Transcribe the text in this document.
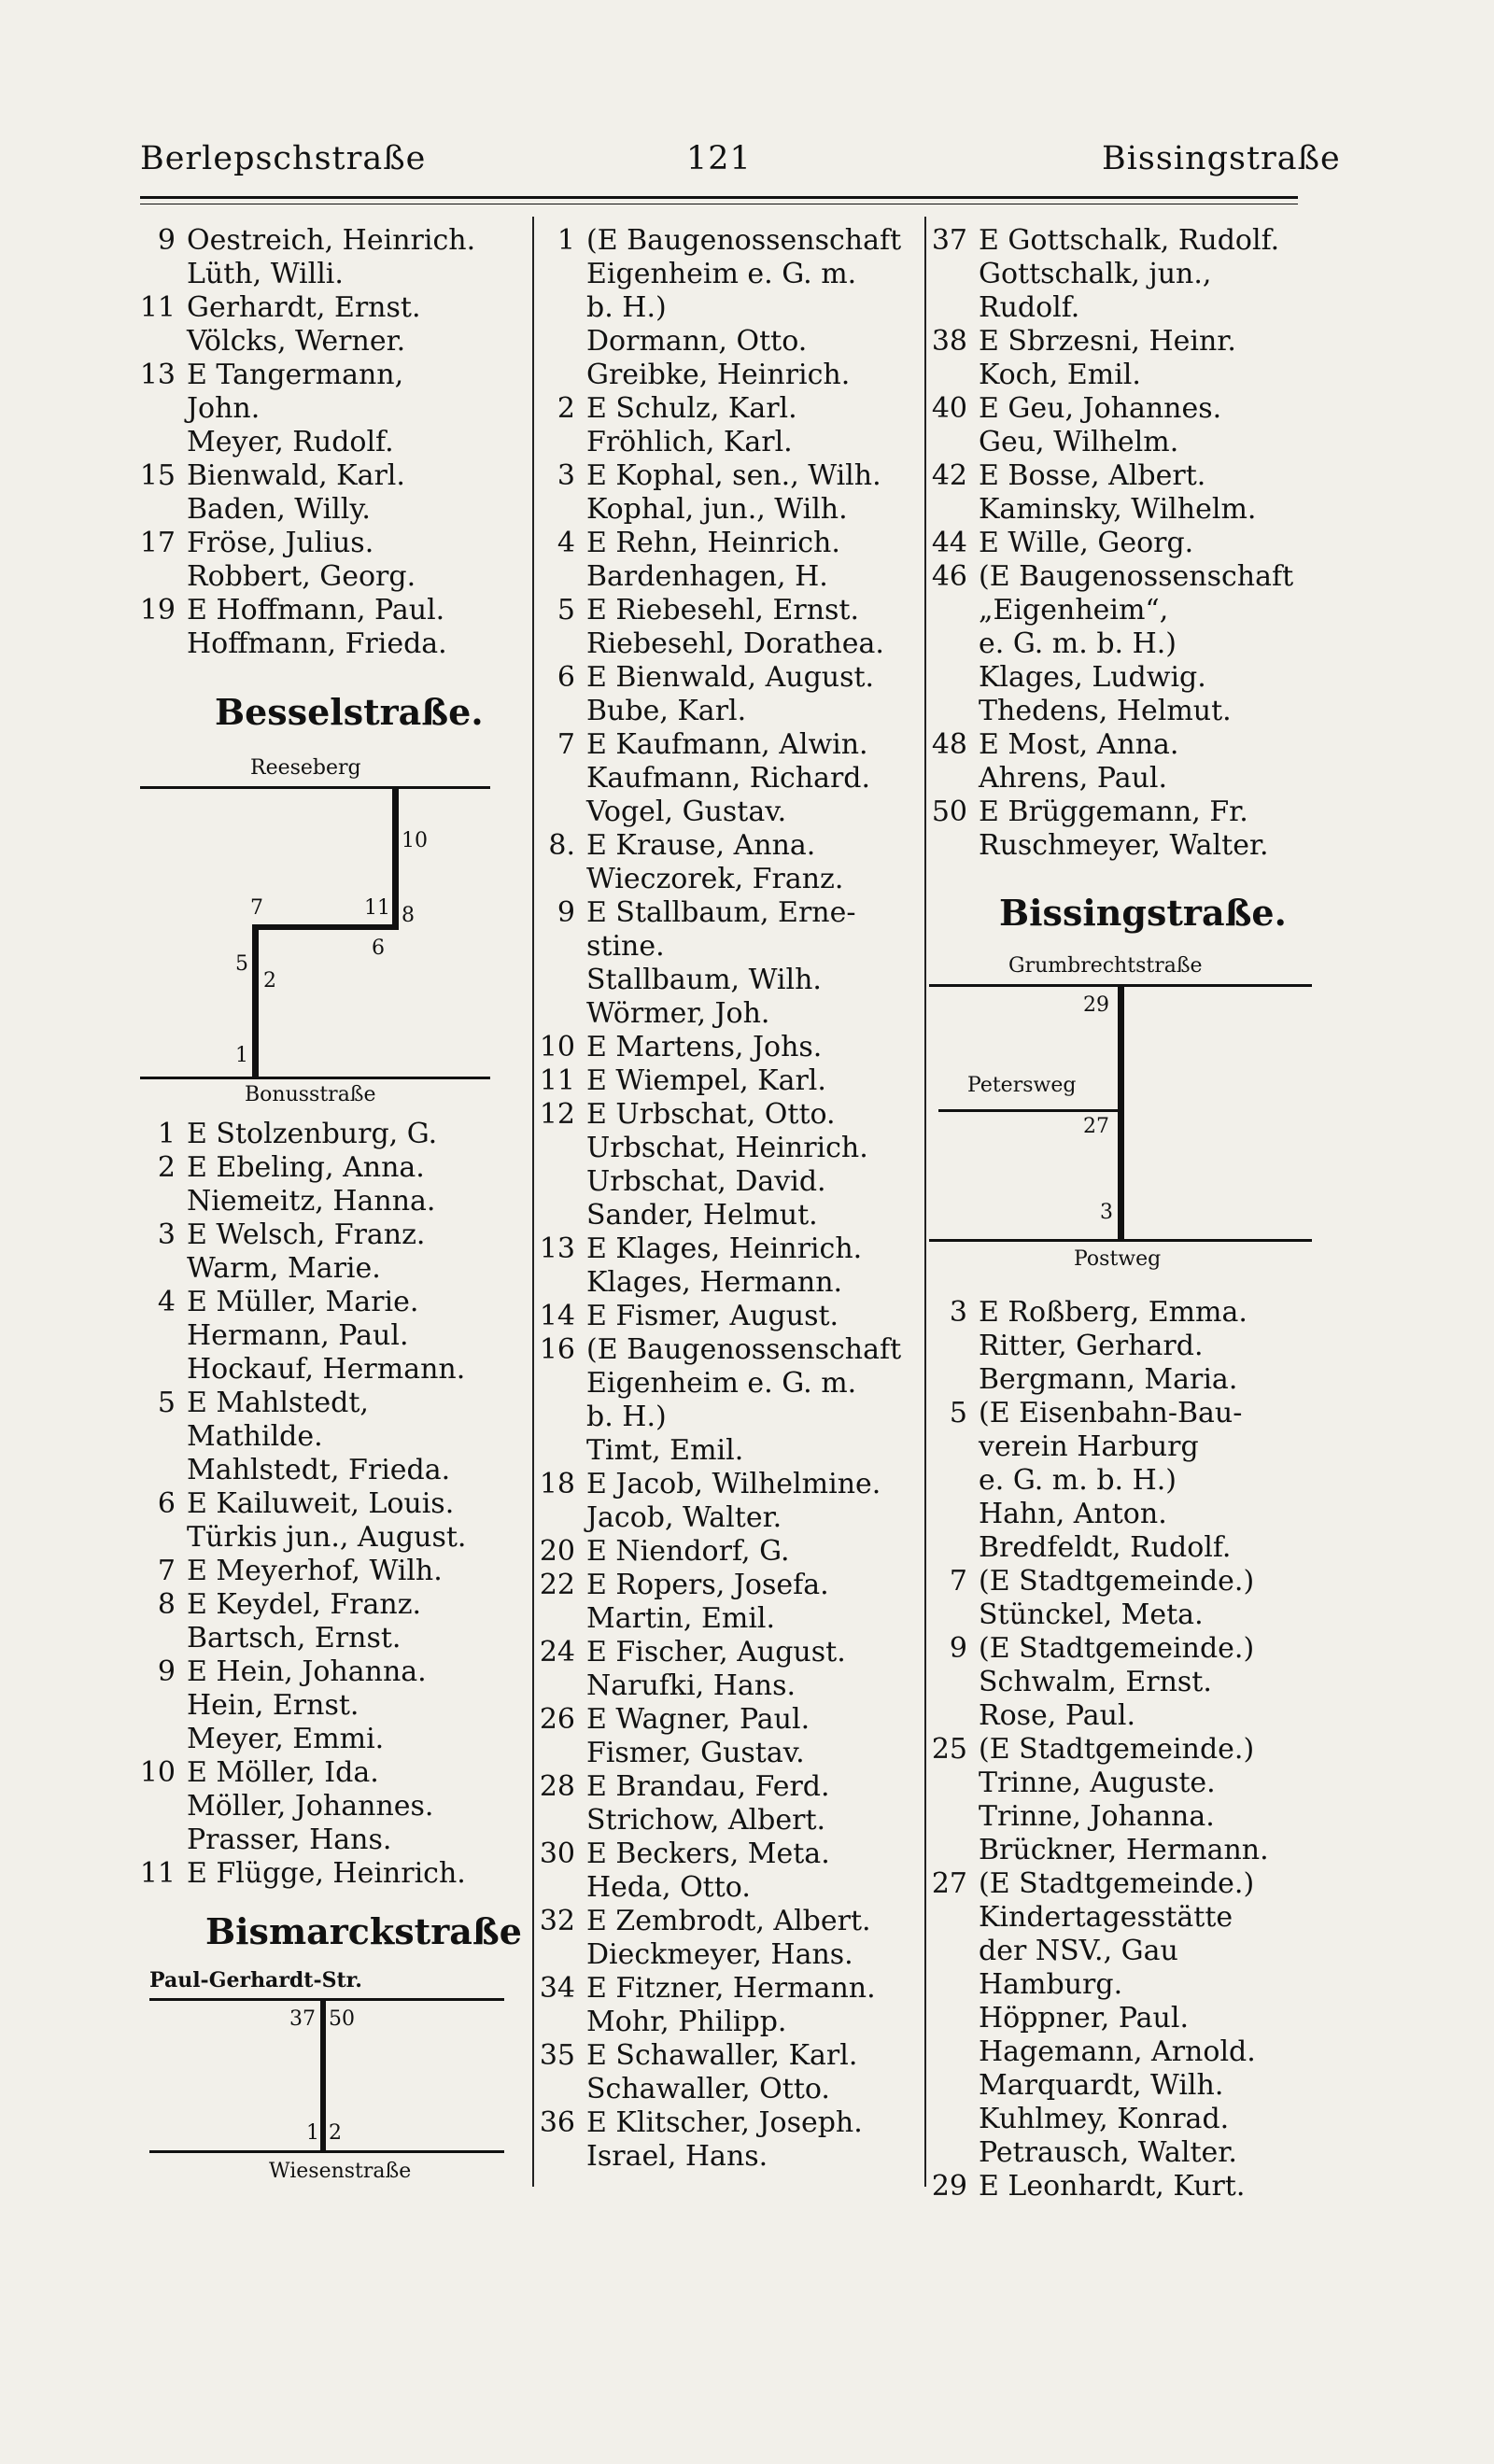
Berlepschstraße	121	Bissingstraße
9 Oestreich, Heinrich.
Lüth, Willi.
11 Gerhardt, Ernst.
Völcks, Werner.
13 E Tangermann,
John.
Meyer, Rudolf.
15 Bienwald, Karl.
Baden, Willy.
17 Fröse, Julius.
Robbert, Georg.
19 E Hoffmann, Paul.
Hoffmann, Frieda.
Besselstraße.
Reeseberg
10
7	11 8
5
6
2
1
Bonusstraße
1 E Stolzenburg, G.
2 E Ebeling, Anna.
Niemeitz, Hanna.
3 E Welsch, Franz.
Warm, Marie.
4 E Müller, Marie.
Hermann, Paul.
Hockauf, Hermann.
5 E Mahlstedt,
Mathilde.
Mahlstedt, Frieda.
6 E Kailuweit, Louis.
Türkis jun., August.
7 E Meyerhof, Wilh.
8 E Keydel, Franz.
Bartsch, Ernst.
9 E Hein, Johanna.
Hein, Ernst.
Meyer, Emmi.
10 E Möller, Ida.
Möller, Johannes.
Prasser, Hans.
11 E Flügge, Heinrich.
Bismarckstraße
Paul-Gerhardt-Str.
37 50
1 2
Wiesenstraße
1 (E Baugenossenschaft
Eigenheim e. G. m.
b. H.)
Dormann, Otto.
Greibke, Heinrich.
2 E Schulz, Karl.
Fröhlich, Karl.
3 E Kophal, sen., Wilh.
Kophal, jun., Wilh.
4 E Rehn, Heinrich.
Bardenhagen, H.
5 E Riebesehl, Ernst.
Riebesehl, Dorathea.
6 E Bienwald, August.
Bube, Karl.
7 E Kaufmann, Alwin.
Kaufmann, Richard.
Vogel, Gustav.
8. E Krause, Anna.
Wieczorek, Franz.
9 E Stallbaum, Erne-
stine.
Stallbaum, Wilh.
Wörmer, Joh.
10 E Martens, Johs.
11 E Wiempel, Karl.
12 E Urbschat, Otto.
Urbschat, Heinrich.
Urbschat, David.
Sander, Helmut.
13 E Klages, Heinrich.
Klages, Hermann.
14 E Fismer, August.
16 (E Baugenossenschaft
Eigenheim e. G. m.
b. H.)
Timt, Emil.
18 E Jacob, Wilhelmine.
Jacob, Walter.
20 E Niendorf, G.
22 E Ropers, Josefa.
Martin, Emil.
24 E Fischer, August.
Narufki, Hans.
26 E Wagner, Paul.
Fismer, Gustav.
28 E Brandau, Ferd.
Strichow, Albert.
30 E Beckers, Meta.
Heda, Otto.
32 E Zembrodt, Albert.
Dieckmeyer, Hans.
34 E Fitzner, Hermann.
Mohr, Philipp.
35 E Schawaller, Karl.
Schawaller, Otto.
36 E Klitscher, Joseph.
Israel, Hans.
37 E Gottschalk, Rudolf.
Gottschalk, jun.,
Rudolf.
38 E Sbrzesni, Heinr.
Koch, Emil.
40 E Geu, Johannes.
Geu, Wilhelm.
42 E Bosse, Albert.
Kaminsky, Wilhelm.
44 E Wille, Georg.
46 (E Baugenossenschaft
„Eigenheim“,
e. G. m. b. H.)
Klages, Ludwig.
Thedens, Helmut.
48 E Most, Anna.
Ahrens, Paul.
50 E Brüggemann, Fr.
Ruschmeyer, Walter.
Bissingstraße.
Grumbrechtstraße
Petersweg
29
27
3
Postweg
3 E Roßberg, Emma.
Ritter, Gerhard.
Bergmann, Maria.
5 (E Eisenbahn-Bau-
verein Harburg
e. G. m. b. H.)
Hahn, Anton.
Bredfeldt, Rudolf.
7 (E Stadtgemeinde.)
Stünckel, Meta.
9 (E Stadtgemeinde.)
Schwalm, Ernst.
Rose, Paul.
25 (E Stadtgemeinde.)
Trinne, Auguste.
Trinne, Johanna.
Brückner, Hermann.
27 (E Stadtgemeinde.)
Kindertagesstätte
der NSV., Gau
Hamburg.
Höppner, Paul.
Hagemann, Arnold.
Marquardt, Wilh.
Kuhlmey, Konrad.
Petrausch, Walter.
29 E Leonhardt, Kurt.
